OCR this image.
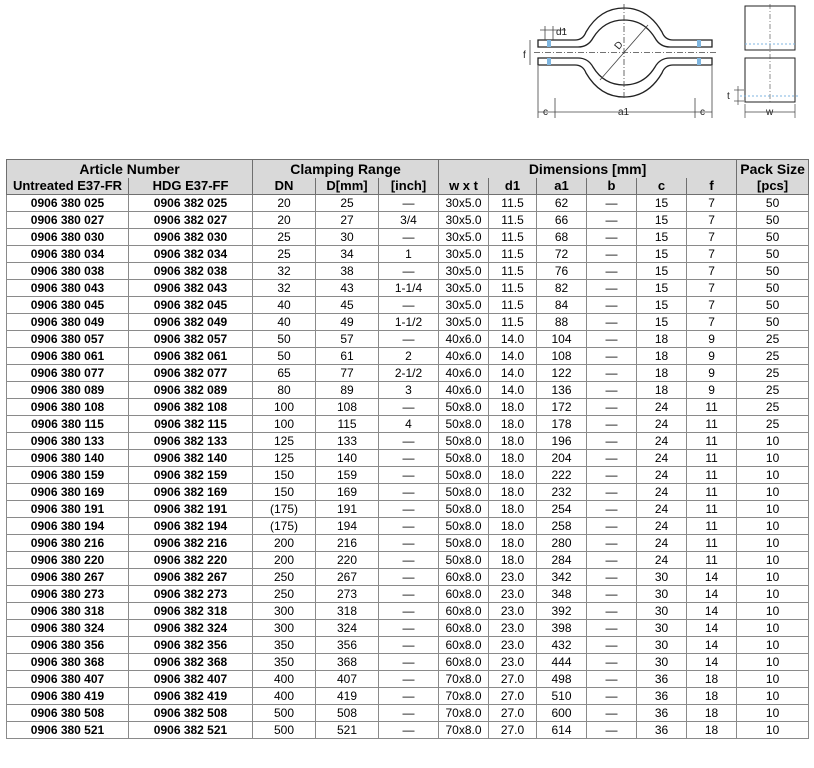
d1
f
D
c	a1	c
t
w
Article Number		Clamping Range			Dimensions [mm]						Pack Size
Untreated E37-FR	HDG E37-FF	DN	D[mm]	[inch]	w x t	d1	a1	b	c	f	[pcs]
0906 380 025	0906 382 025	20	25	—	30x5.0	11.5	62	—	15	7	50
0906 380 027	0906 382 027	20	27	3/4	30x5.0	11.5	66	—	15	7	50
0906 380 030	0906 382 030	25	30	—	30x5.0	11.5	68	—	15	7	50
0906 380 034	0906 382 034	25	34	1	30x5.0	11.5	72	—	15	7	50
0906 380 038	0906 382 038	32	38	—	30x5.0	11.5	76	—	15	7	50
0906 380 043	0906 382 043	32	43	1-1/4	30x5.0	11.5	82	—	15	7	50
0906 380 045	0906 382 045	40	45	—	30x5.0	11.5	84	—	15	7	50
0906 380 049	0906 382 049	40	49	1-1/2	30x5.0	11.5	88	—	15	7	50
0906 380 057	0906 382 057	50	57	—	40x6.0	14.0	104	—	18	9	25
0906 380 061	0906 382 061	50	61	2	40x6.0	14.0	108	—	18	9	25
0906 380 077	0906 382 077	65	77	2-1/2	40x6.0	14.0	122	—	18	9	25
0906 380 089	0906 382 089	80	89	3	40x6.0	14.0	136	—	18	9	25
0906 380 108	0906 382 108	100	108	—	50x8.0	18.0	172	—	24	11	25
0906 380 115	0906 382 115	100	115	4	50x8.0	18.0	178	—	24	11	25
0906 380 133	0906 382 133	125	133	—	50x8.0	18.0	196	—	24	11	10
0906 380 140	0906 382 140	125	140	—	50x8.0	18.0	204	—	24	11	10
0906 380 159	0906 382 159	150	159	—	50x8.0	18.0	222	—	24	11	10
0906 380 169	0906 382 169	150	169	—	50x8.0	18.0	232	—	24	11	10
0906 380 191	0906 382 191	(175)	191	—	50x8.0	18.0	254	—	24	11	10
0906 380 194	0906 382 194	(175)	194	—	50x8.0	18.0	258	—	24	11	10
0906 380 216	0906 382 216	200	216	—	50x8.0	18.0	280	—	24	11	10
0906 380 220	0906 382 220	200	220	—	50x8.0	18.0	284	—	24	11	10
0906 380 267	0906 382 267	250	267	—	60x8.0	23.0	342	—	30	14	10
0906 380 273	0906 382 273	250	273	—	60x8.0	23.0	348	—	30	14	10
0906 380 318	0906 382 318	300	318	—	60x8.0	23.0	392	—	30	14	10
0906 380 324	0906 382 324	300	324	—	60x8.0	23.0	398	—	30	14	10
0906 380 356	0906 382 356	350	356	—	60x8.0	23.0	432	—	30	14	10
0906 380 368	0906 382 368	350	368	—	60x8.0	23.0	444	—	30	14	10
0906 380 407	0906 382 407	400	407	—	70x8.0	27.0	498	—	36	18	10
0906 380 419	0906 382 419	400	419	—	70x8.0	27.0	510	—	36	18	10
0906 380 508	0906 382 508	500	508	—	70x8.0	27.0	600	—	36	18	10
0906 380 521	0906 382 521	500	521	—	70x8.0	27.0	614	—	36	18	10
